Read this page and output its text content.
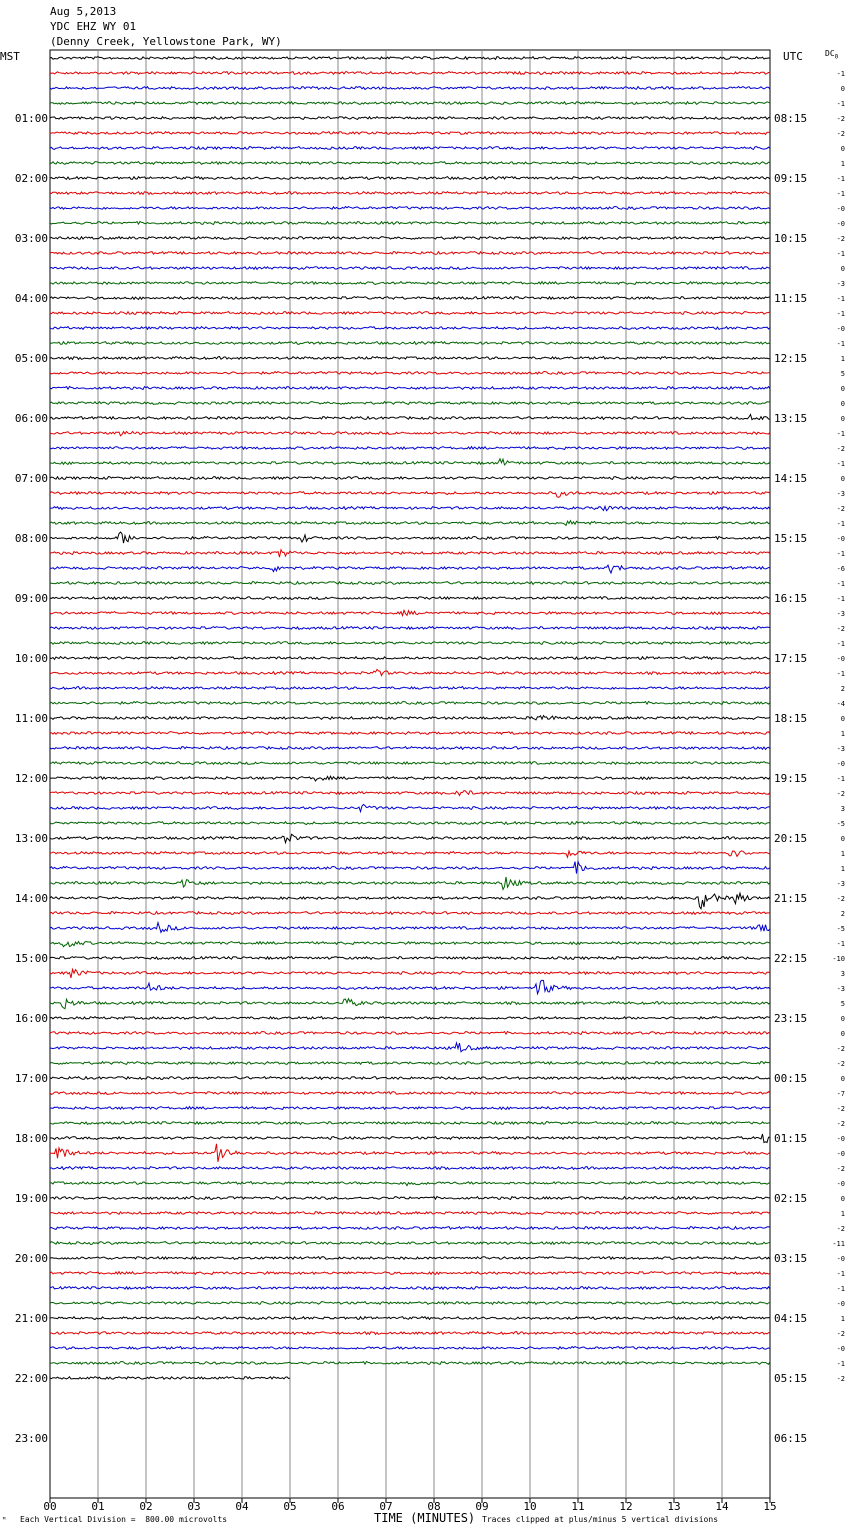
Aug 5,2013
YDC EHZ WY 01
(Denny Creek, Yellowstone Park, WY)
MST	UTC	$DC_0$
00	01	02	03	04	05	06	07	08	09	10	11	12	13	14	15
01:00
02:00
03:00
04:00
05:00
06:00
07:00
08:00
09:00
10:00
11:00
12:00
13:00
14:00
15:00
16:00
17:00
18:00
19:00
20:00
21:00
22:00
23:00
08:15
09:15
10:15
11:15
12:15
13:15
14:15
15:15
16:15
17:15
18:15
19:15
20:15
21:15
22:15
23:15
00:15
01:15
02:15
03:15
04:15
05:15
06:15
-1
0
-1
-2
-2
0
1
-1
-1
-0
-0
-2
-1
0
-3
-1
-1
-0
-1
1
5
0
0
0
-1
-2
-1
0
-3
-2
-1
-0
-1
-6
-1
-1
-3
-2
-1
-0
-1
2
-4
0
1
-3
-0
-1
-2
3
-5
0
1
1
-3
-2
2
-5
-1
-10
3
-3
5
0
0
-2
-2
0
-7
-2
-2
-0
-0
-2
-0
0
1
-2
-11
-0
-1
-1
-0
1
-2
-0
-1
-2
ᴹ Each Vertical Division =  800.00 microvolts	TIME (MINUTES) Traces clipped at plus/minus 5 vertical divisions
